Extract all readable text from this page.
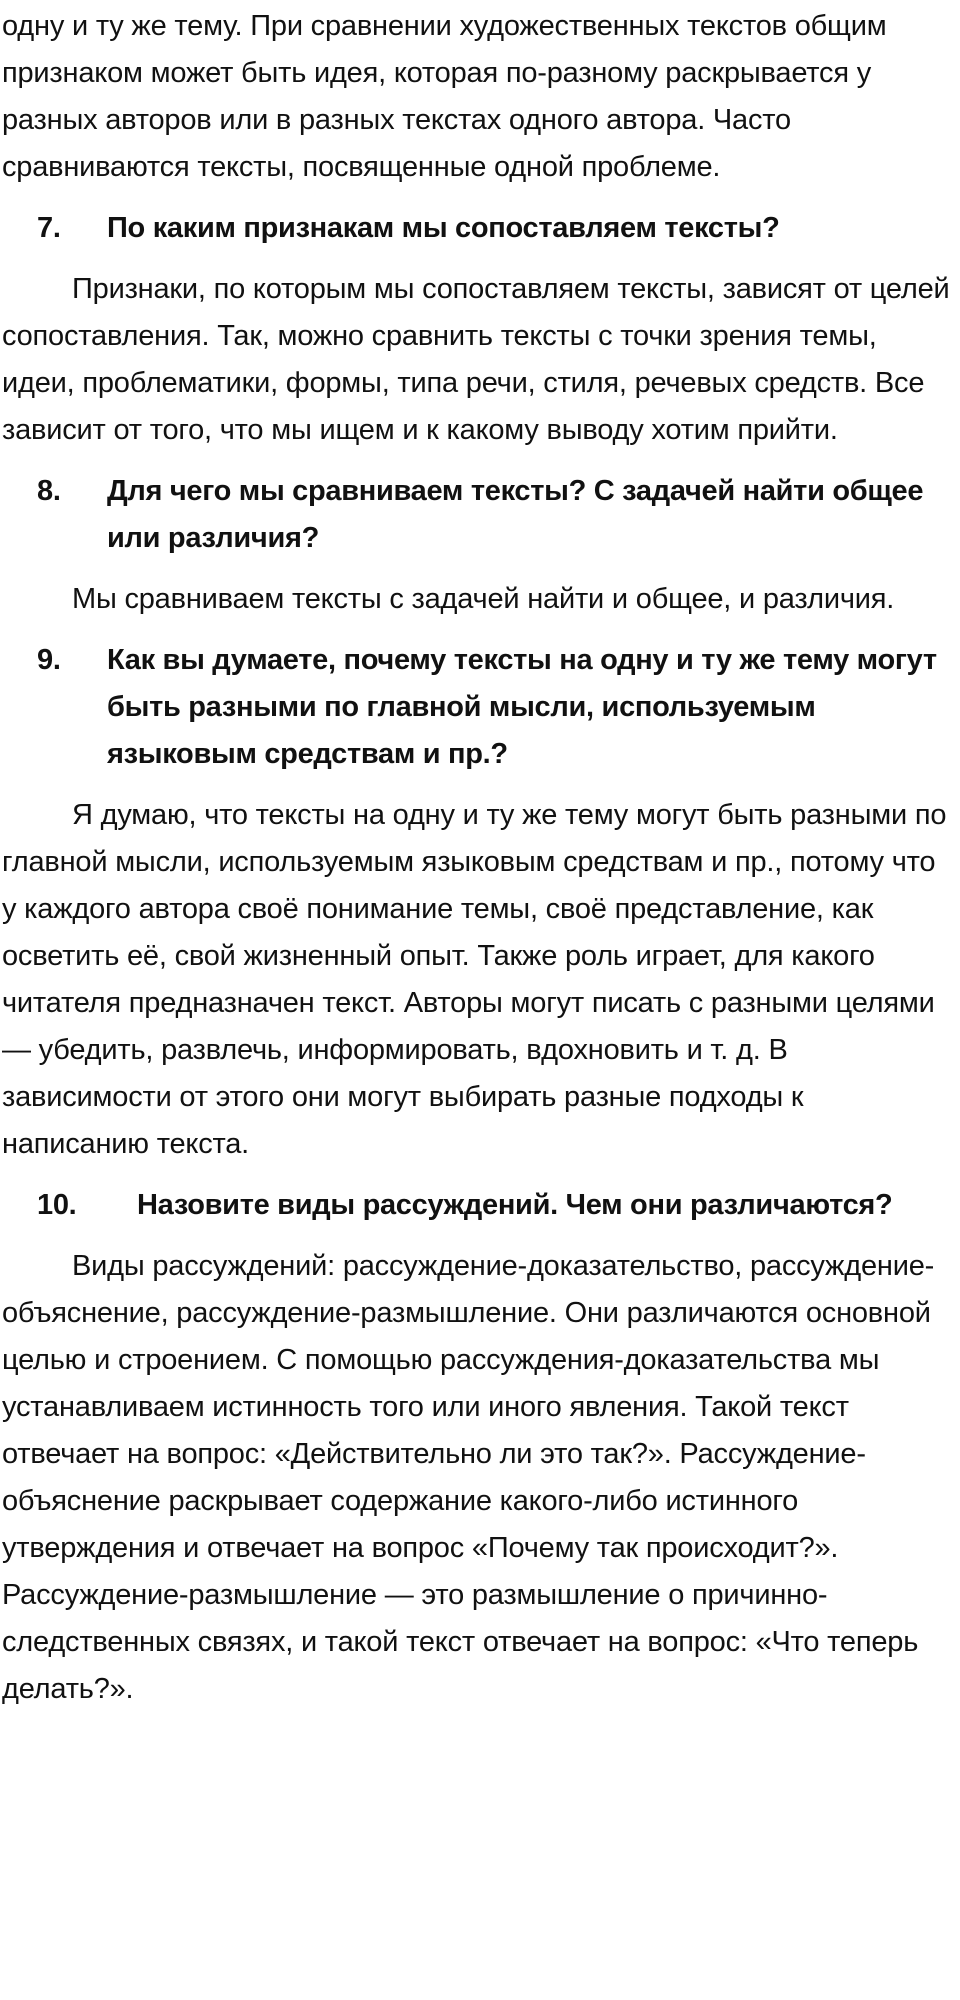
одну и ту же тему. При сравнении художественных текстов общим признаком может быть идея, которая по-разному раскрывается у разных авторов или в разных текстах одного автора. Часто сравниваются тексты, посвященные одной проблеме.

7. По каким признакам мы сопоставляем тексты?

Признаки, по которым мы сопоставляем тексты, зависят от целей сопоставления. Так, можно сравнить тексты с точки зрения темы, идеи, проблематики, формы, типа речи, стиля, речевых средств. Все зависит от того, что мы ищем и к какому выводу хотим прийти.

8. Для чего мы сравниваем тексты? С задачей найти общее или различия?

Мы сравниваем тексты с задачей найти и общее, и различия.

9. Как вы думаете, почему тексты на одну и ту же тему могут быть разными по главной мысли, используемым языковым средствам и пр.?

Я думаю, что тексты на одну и ту же тему могут быть разными по главной мысли, используемым языковым средствам и пр., потому что у каждого автора своё понимание темы, своё представление, как осветить её, свой жизненный опыт. Также роль играет, для какого читателя предназначен текст. Авторы могут писать с разными целями — убедить, развлечь, информировать, вдохновить и т. д. В зависимости от этого они могут выбирать разные подходы к написанию текста.

10. Назовите виды рассуждений. Чем они различаются?

Виды рассуждений: рассуждение-доказательство, рассуждение-объяснение, рассуждение-размышление. Они различаются основной целью и строением. С помощью рассуждения-доказательства мы устанавливаем истинность того или иного явления. Такой текст отвечает на вопрос: «Действительно ли это так?». Рассуждение-объяснение раскрывает содержание какого-либо истинного утверждения и отвечает на вопрос «Почему так происходит?». Рассуждение-размышление — это размышление о причинно-следственных связях, и такой текст отвечает на вопрос: «Что теперь делать?».
